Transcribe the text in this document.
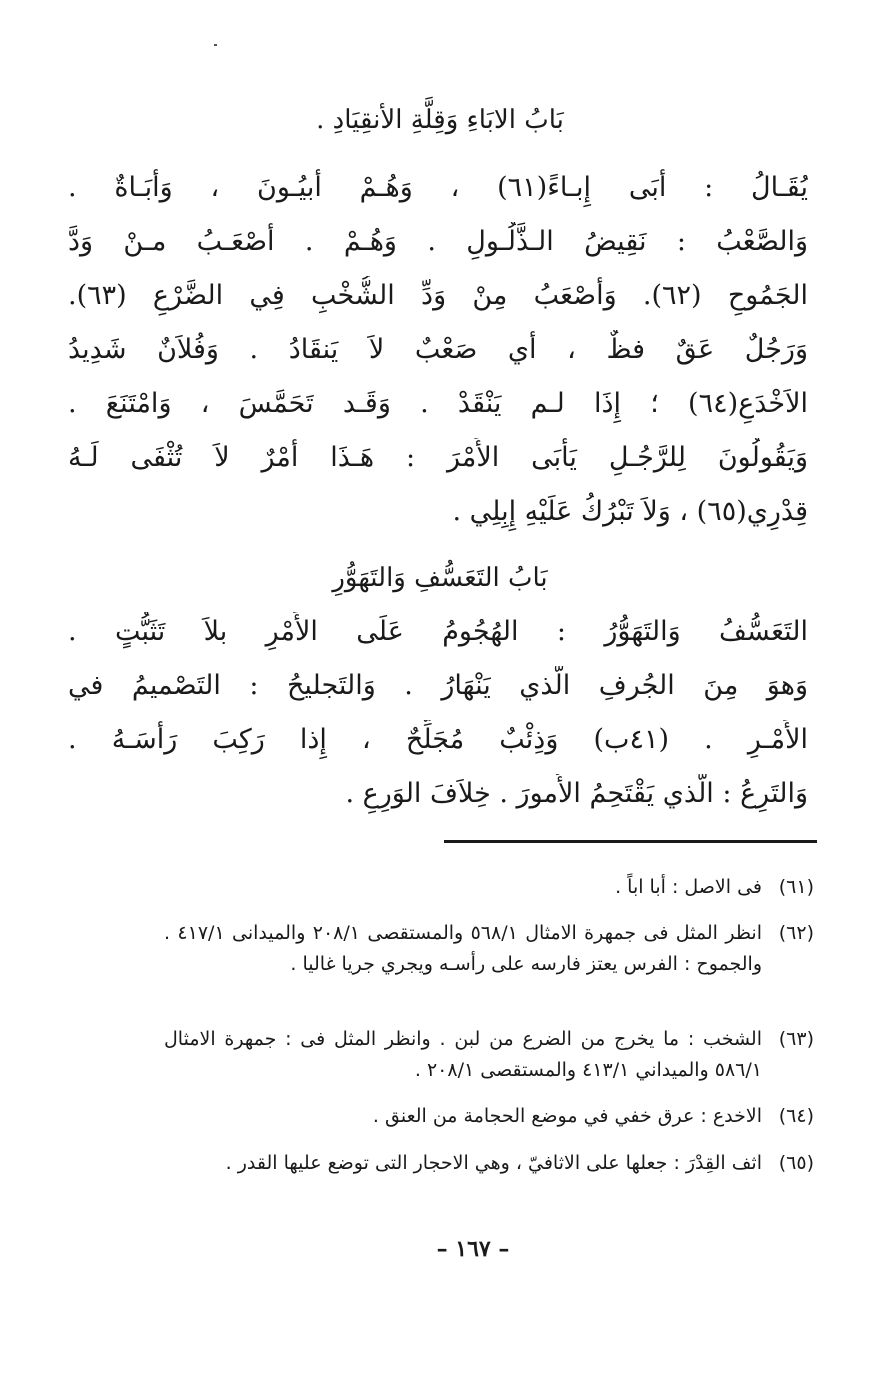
بَابُ الابَاءِ وَقِلَّةِ الأنقِيَادِ .
يُقَـالُ : أَبَى إِبـاءً(٦١) ، وَهُـمْ أَبيُـونَ ، وَأُبَـاةٌ .
وَالصَّعْبُ : نَقِيضُ الـذَّلُـولِ . وَهُـمْ . أَصْعَـبُ مـنْ وَدَّ
الجَمُوحِ (٦٢). وَأَصْعَبُ مِنْ وَدِّ الشُّخْبِ فِي الضَّرْعِ (٦٣).
وَرَجُلٌ عَقٌ فظٌ ، أَي صَعْبٌ لاَ يَنقَادُ . وَفُلاَنٌ شَدِيدُ
الاَخْدَعِ(٦٤) ؛ إِذَا لـم يَنْقَدْ . وَقَـد تَحَمَّسَ ، وَامْتَنَعَ .
وَيَقُولُونَ لِلرَّجُـلِ يَأْبَى الأَمْرَ : هَـذَا أَمْرٌ لاَ تُثْفَى لَـهُ
قِدْرِي(٦٥) ، وَلاَ تَبْرُكُ عَلَيْهِ إِبِلِي .
بَابُ التَعَسُّفِ وَالتَهَوُّرِ
التَعَسُّفُ وَالتَهَوُّرُ : الهُجُومُ عَلَى الأَمْرِ بلاَ تَثَبُّتٍ .
وَهوَ مِنَ الجُرفِ الَّذي يَنْهَارُ . وَالتَجليحُ : التَصْميمُ في
الأَمْـرِ . (٤١ب) وَذِئْبٌ مُجَلِّحٌ ، إِذا رَكِبَ رَأْسَـهُ .
وَالتَرِعُ : الَّذي يَقْتَحِمُ الأُمورَ . خِلاَفَ الوَرِعِ .
(٦١)
فى الاصل : أبا اباً .
(٦٢)
انظر المثل فى جمهرة الامثال ٥٦٨/١ والمستقصى ٢٠٨/١ والميدانى ٤١٧/١ . والجموح : الفرس يعتز فارسه على رأسـه ويجري جريا غاليا .
(٦٣)
الشخب : ما يخرج من الضرع من لبن . وانظر المثل فى : جمهرة الامثال ٥٨٦/١ والميداني ٤١٣/١ والمستقصى ٢٠٨/١ .
(٦٤)
الاخدع : عرق خفي في موضع الحجامة من العنق .
(٦٥)
اثف القِدْرَ : جعلها على الاثافيّ ، وهي الاحجار التى توضع عليها القدر .
– ١٦٧ –
